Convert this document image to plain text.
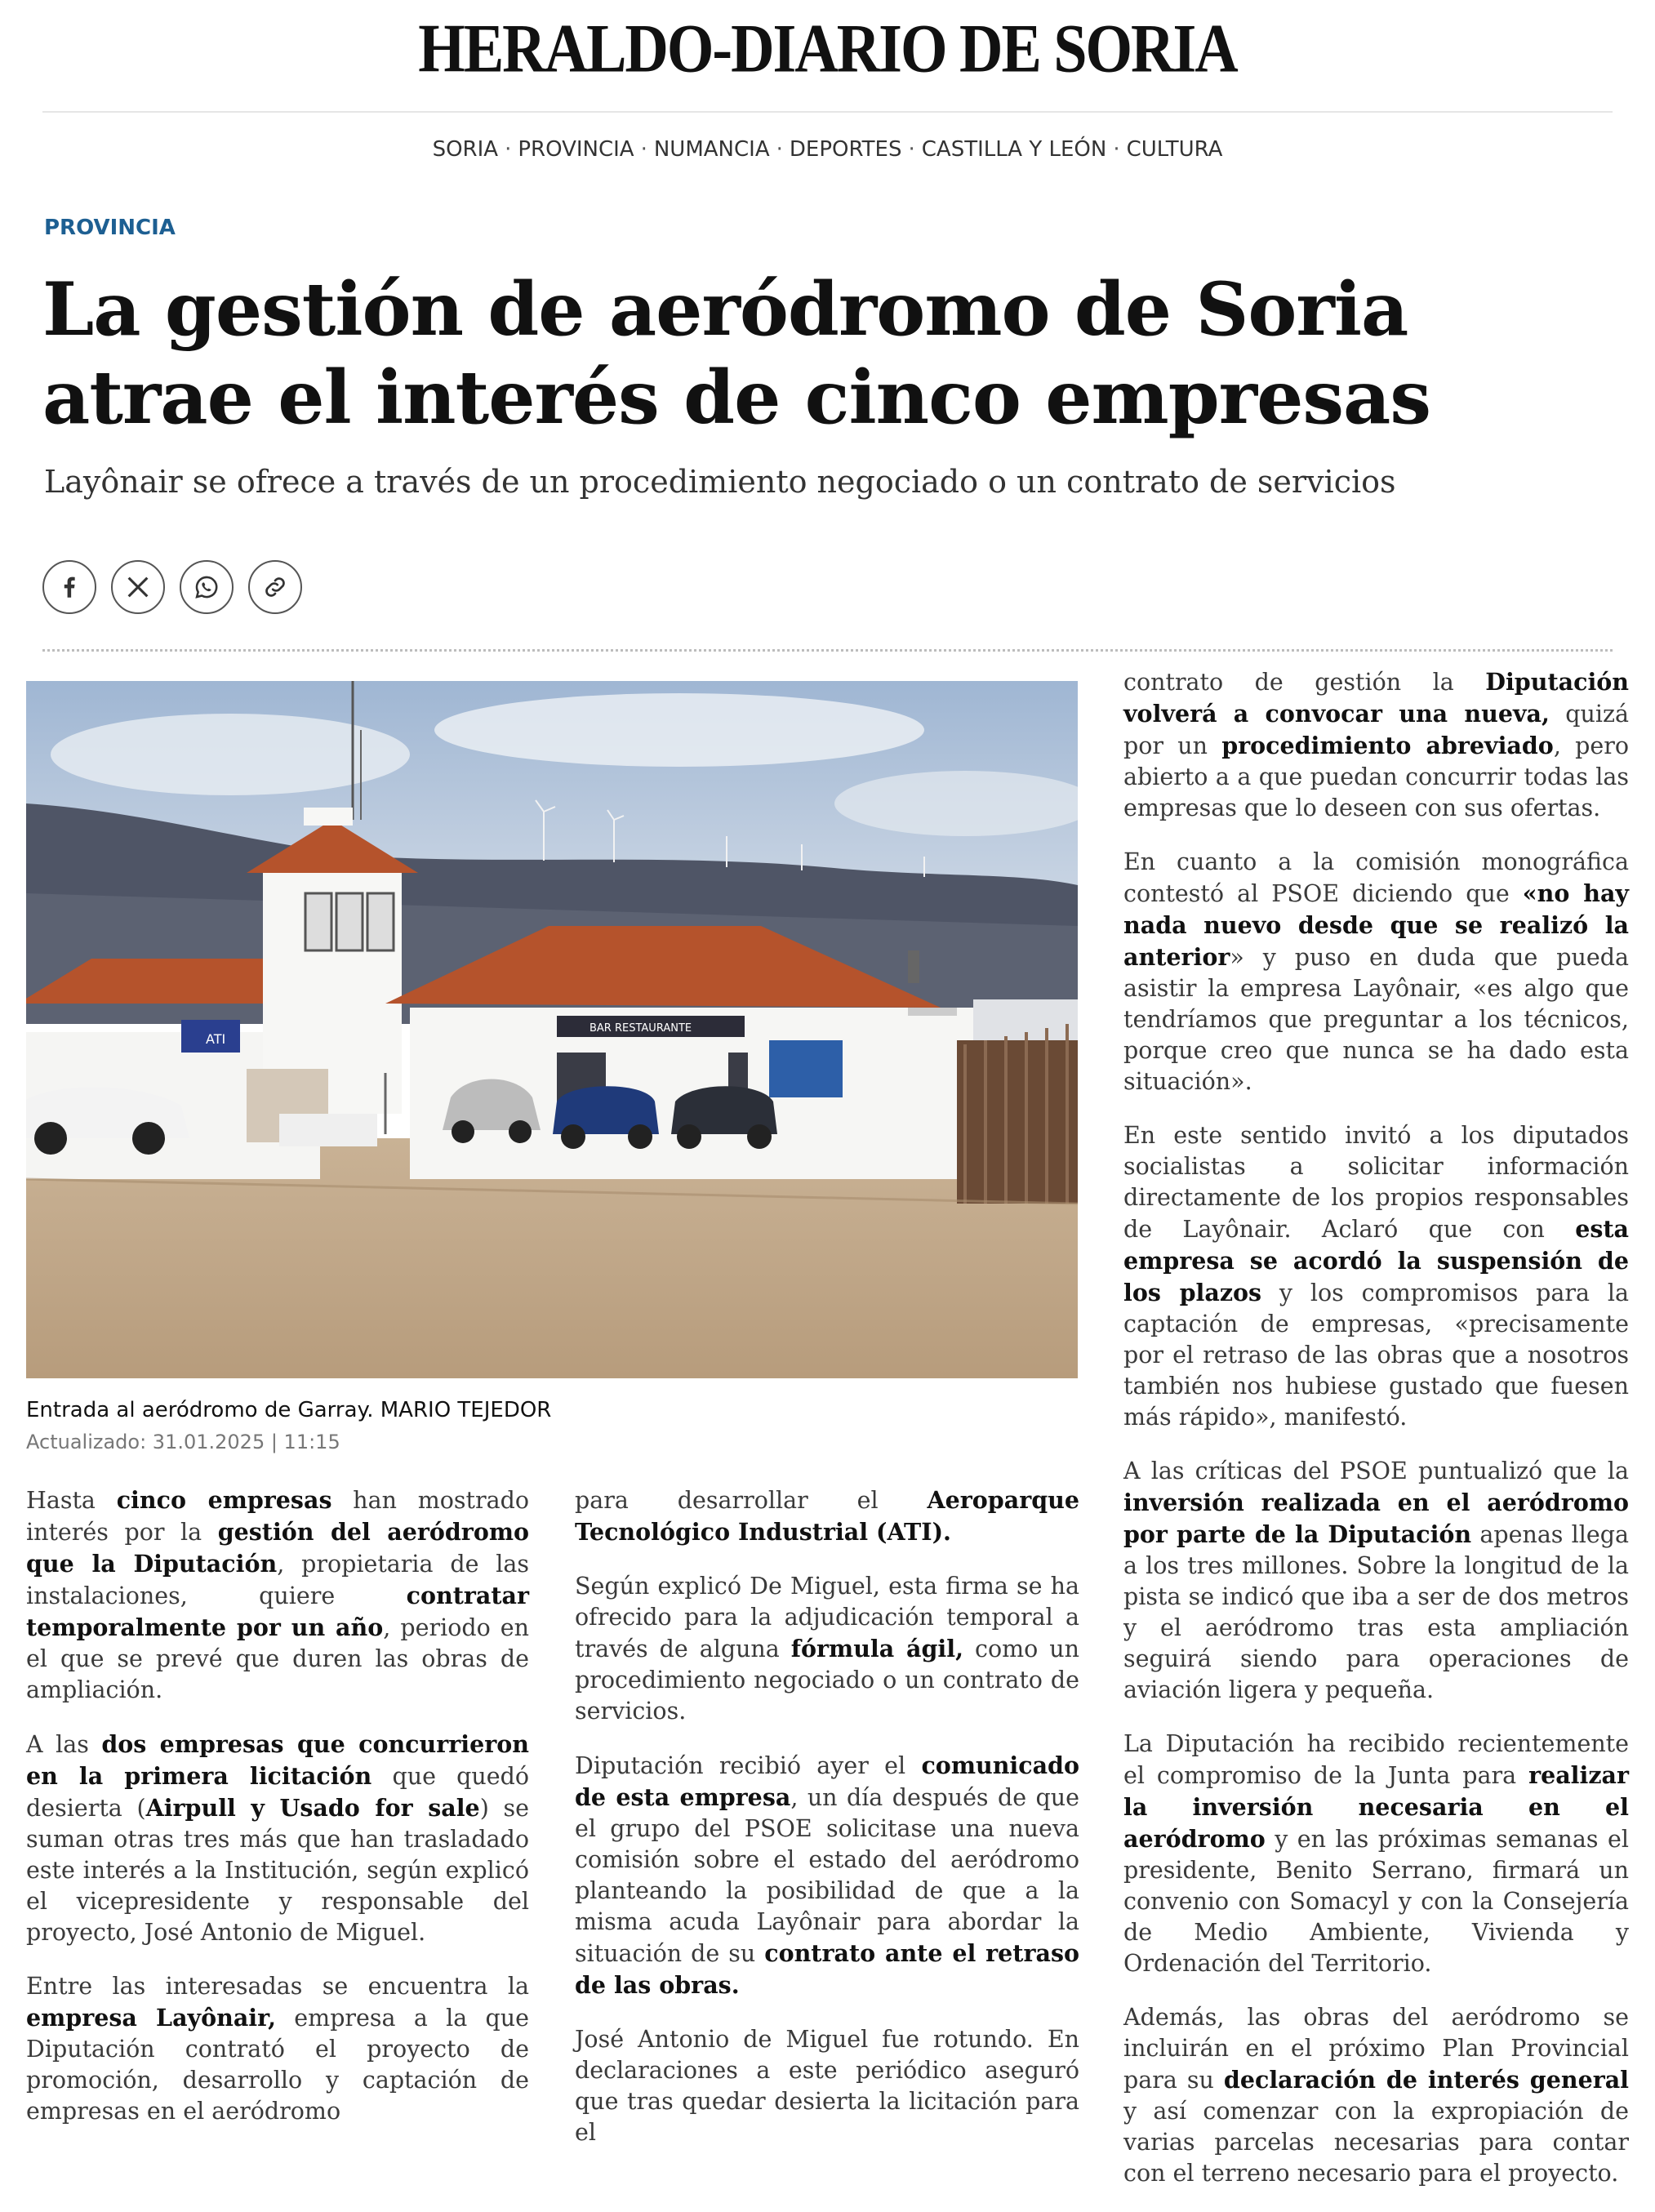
HERALDO-DIARIO DE SORIA
SORIA · PROVINCIA · NUMANCIA · DEPORTES · CASTILLA Y LEÓN · CULTURA
PROVINCIA
La gestión de aeródromo de Soria atrae el interés de cinco empresas
Layônair se ofrece a través de un procedimiento negociado o un contrato de servicios
ATI
BAR RESTAURANTE
Entrada al aeródromo de Garray. MARIO TEJEDOR
Actualizado: 31.01.2025 | 11:15

Hasta cinco empresas han mostrado interés por la gestión del aeródromo que la Diputación, propietaria de las instalaciones, quiere contratar temporalmente por un año, periodo en el que se prevé que duren las obras de ampliación.

A las dos empresas que concurrieron en la primera licitación que quedó desierta (Airpull y Usado for sale) se suman otras tres más que han trasladado este interés a la Institución, según explicó el vicepresidente y responsable del proyecto, José Antonio de Miguel.

Entre las interesadas se encuentra la empresa Layônair, empresa a la que Diputación contrató el proyecto de promoción, desarrollo y captación de empresas en el aeródromo

para desarrollar el Aeroparque Tecnológico Industrial (ATI).

Según explicó De Miguel, esta firma se ha ofrecido para la adjudicación temporal a través de alguna fórmula ágil, como un procedimiento negociado o un contrato de servicios.

Diputación recibió ayer el comunicado de esta empresa, un día después de que el grupo del PSOE solicitase una nueva comisión sobre el estado del aeródromo planteando la posibilidad de que a la misma acuda Layônair para abordar la situación de su contrato ante el retraso de las obras.

José Antonio de Miguel fue rotundo. En declaraciones a este periódico aseguró que tras quedar desierta la licitación para el

contrato de gestión la Diputación volverá a convocar una nueva, quizá por un procedimiento abreviado, pero abierto a a que puedan concurrir todas las empresas que lo deseen con sus ofertas.

En cuanto a la comisión monográfica contestó al PSOE diciendo que «no hay nada nuevo desde que se realizó la anterior» y puso en duda que pueda asistir la empresa Layônair, «es algo que tendríamos que preguntar a los técnicos, porque creo que nunca se ha dado esta situación».

En este sentido invitó a los diputados socialistas a solicitar información directamente de los propios responsables de Layônair. Aclaró que con esta empresa se acordó la suspensión de los plazos y los compromisos para la captación de empresas, «precisamente por el retraso de las obras que a nosotros también nos hubiese gustado que fuesen más rápido», manifestó.

A las críticas del PSOE puntualizó que la inversión realizada en el aeródromo por parte de la Diputación apenas llega a los tres millones. Sobre la longitud de la pista se indicó que iba a ser de dos metros y el aeródromo tras esta ampliación seguirá siendo para operaciones de aviación ligera y pequeña.

La Diputación ha recibido recientemente el compromiso de la Junta para realizar la inversión necesaria en el aeródromo y en las próximas semanas el presidente, Benito Serrano, firmará un convenio con Somacyl y con la Consejería de Medio Ambiente, Vivienda y Ordenación del Territorio.

Además, las obras del aeródromo se incluirán en el próximo Plan Provincial para su declaración de interés general y así comenzar con la expropiación de varias parcelas necesarias para contar con el terreno necesario para el proyecto.
